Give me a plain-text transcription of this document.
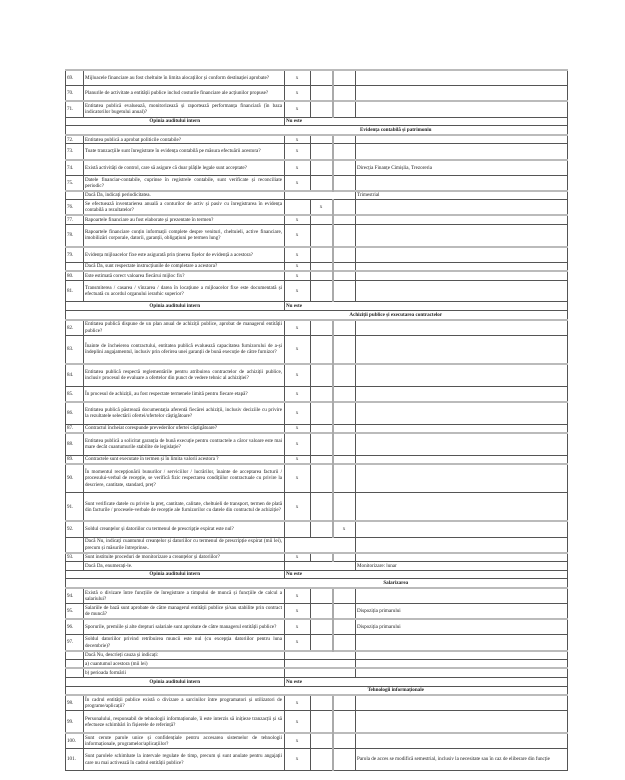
69.	Mijloacele financiare au fost cheltuite în limita alocațiilor și conform destinației aprobate?	x			
70.	Planurile de activitate a entității publice includ costurile financiare ale acțiunilor propuse?	x			
71.	Entitatea publică evaluează, monitorizează și raportează performanța financiară (în baza indicatorilor bugetului anual)?	x			
Opinia auditului intern		Nu este			
Evidența contabilă și patrimoniu					
72.	Entitatea publică a aprobat politicile contabile?	x			
73.	Toate tranzacțiile sunt înregistrate în evidența contabilă pe măsura efectuării acestora?	x			
74.	Există activități de control, care să asigure că doar plățile legale sunt acceptate?	x			Direcția Finanțe Cimișlia, Trezoreria
75.	Datele financiar-contabile, cuprinse în registrele contabile, sunt verificate și reconciliate periodic?	x			
	Dacă Da, indicați periodicitatea.				Trimestrial
76.	Se efectuează inventarierea anuală a conturilor de activ și pasiv cu înregistrarea în evidența contabilă a rezultatelor?		x		
77.	Rapoartele financiare au fost elaborate și prezentate în termen?	x			
78.	Rapoartele financiare conțin informații complete despre venituri, cheltuieli, active financiare, imobilizări corporale, datorii, garanții, obligațiuni pe termen lung?	x			
79.	Evidența mijloacelor fixe este asigurată prin ținerea fișelor de evidență a acestora?	x			
	Dacă Da, sunt respectate instrucțiunile de completare a acestora?	x			
80.	Este estimată corect valoarea fiecărui mijloc fix?	x			
81.	Transmiterea / casarea / vînzarea / darea în locațiune a mijloacelor fixe este documentată și efectuată cu acordul organului ierarhic superior?	x			
Opinia auditului intern		Nu este			
Achiziții publice și executarea contractelor					
82.	Entitatea publică dispune de un plan anual de achiziții publice, aprobat de managerul entității publice?	x			
83.	Înainte de încheierea contractului, entitatea publică evaluează capacitatea furnizorului de a-și îndeplini angajamentul, inclusiv prin oferirea unei garanții de bună execuție de către furnizor?	x			
84.	Entitatea publică respectă reglementările pentru atribuirea contractelor de achiziții publice, inclusiv procesul de evaluare a ofertelor din punct de vedere tehnic al achiziției?	x			
85.	În procesul de achiziții, au fost respectate termenele limită pentru fiecare etapă?	x			
86.	Entitatea publică păstrează documentația aferentă fiecărei achiziții, inclusiv deciziile cu privire la rezultatele selectării ofertei/ofertelor câștigătoare?	x			
87.	Contractul încheiat corespunde prevederilor ofertei câștigătoare?	x			
88.	Entitatea publică a solicitat garanția de bună execuție pentru contractele a căror valoare este mai mare decât cuantumurile stabilite de legislație?	x			
89.	Contractele sunt executate în termen și în limita valorii acestora ?	x			
90.	În momentul recepționării bunurilor / serviciilor / lucrărilor, înainte de acceptarea facturii / procesului-verbal de recepție, se verifică fizic respectarea condițiilor contractuale cu privire la descriere, cantitate, standard, preț?	x			
91.	Sunt verificate datele cu privire la preț, cantitate, calitate, cheltuieli de transport, termen de plată din facturile / procesele-verbale de recepție ale furnizorilor cu datele din contractul de achiziție?	x			
92.	Soldul creanțelor și datoriilor cu termenul de prescripție expirat este nul?			x	
	Dacă Nu, indicați cuantumul creanțelor și datoriilor cu termenul de prescripție expirat (mii lei), precum și măsurile întreprinse..				
93.	Sunt instituite proceduri de monitorizare a creanțelor și datoriilor?	x			
	Dacă Da, enumerați-le.				Monitorizare: lunar
Opinia auditului intern		Nu este			
Salarizarea					
94.	Există o divizare între funcțiile de înregistrare a timpului de muncă și funcțiile de calcul a salariului?	x			
95.	Salariile de bază sunt aprobate de către managerul entității publice și/sau stabilite prin contract de muncă?	x			Dispoziția primarului
96.	Sporurile, premiile și alte drepturi salariale sunt aprobate de către managerul entității publice?	x			Dispoziția primarului
97.	Soldul datoriilor privind retribuirea muncii este nul (cu excepția datoriilor pentru luna decembrie)?	x			
	Dacă Nu, descrieți cauza și indicați:				
	a) cuantumul acestora (mii lei)				
	b) perioada formării				
Opinia auditului intern		Nu este			
Tehnologii informaționale					
98.	În cadrul entității publice există o divizare a sarcinilor între programatori și utilizatori de programe/aplicații?	x			
99.	Personalului, responsabil de tehnologii informaționale, îi este interzis să inițieze tranzacții și să efectueze schimbări în fișierele de referință?	x			
100.	Sunt cerute parole unice și confidențiale pentru accesarea sistemelor de tehnologii informaționale, programelor/aplicațiilor?	x			
101.	Sunt parolele schimbate la intervale regulate de timp, precum și sunt anulate pentru angajații care nu mai activează în cadrul entității publice?	x			Parola de acces se modifică semestrial, inclusiv la necesitate sau în caz de eliberare din funcție
